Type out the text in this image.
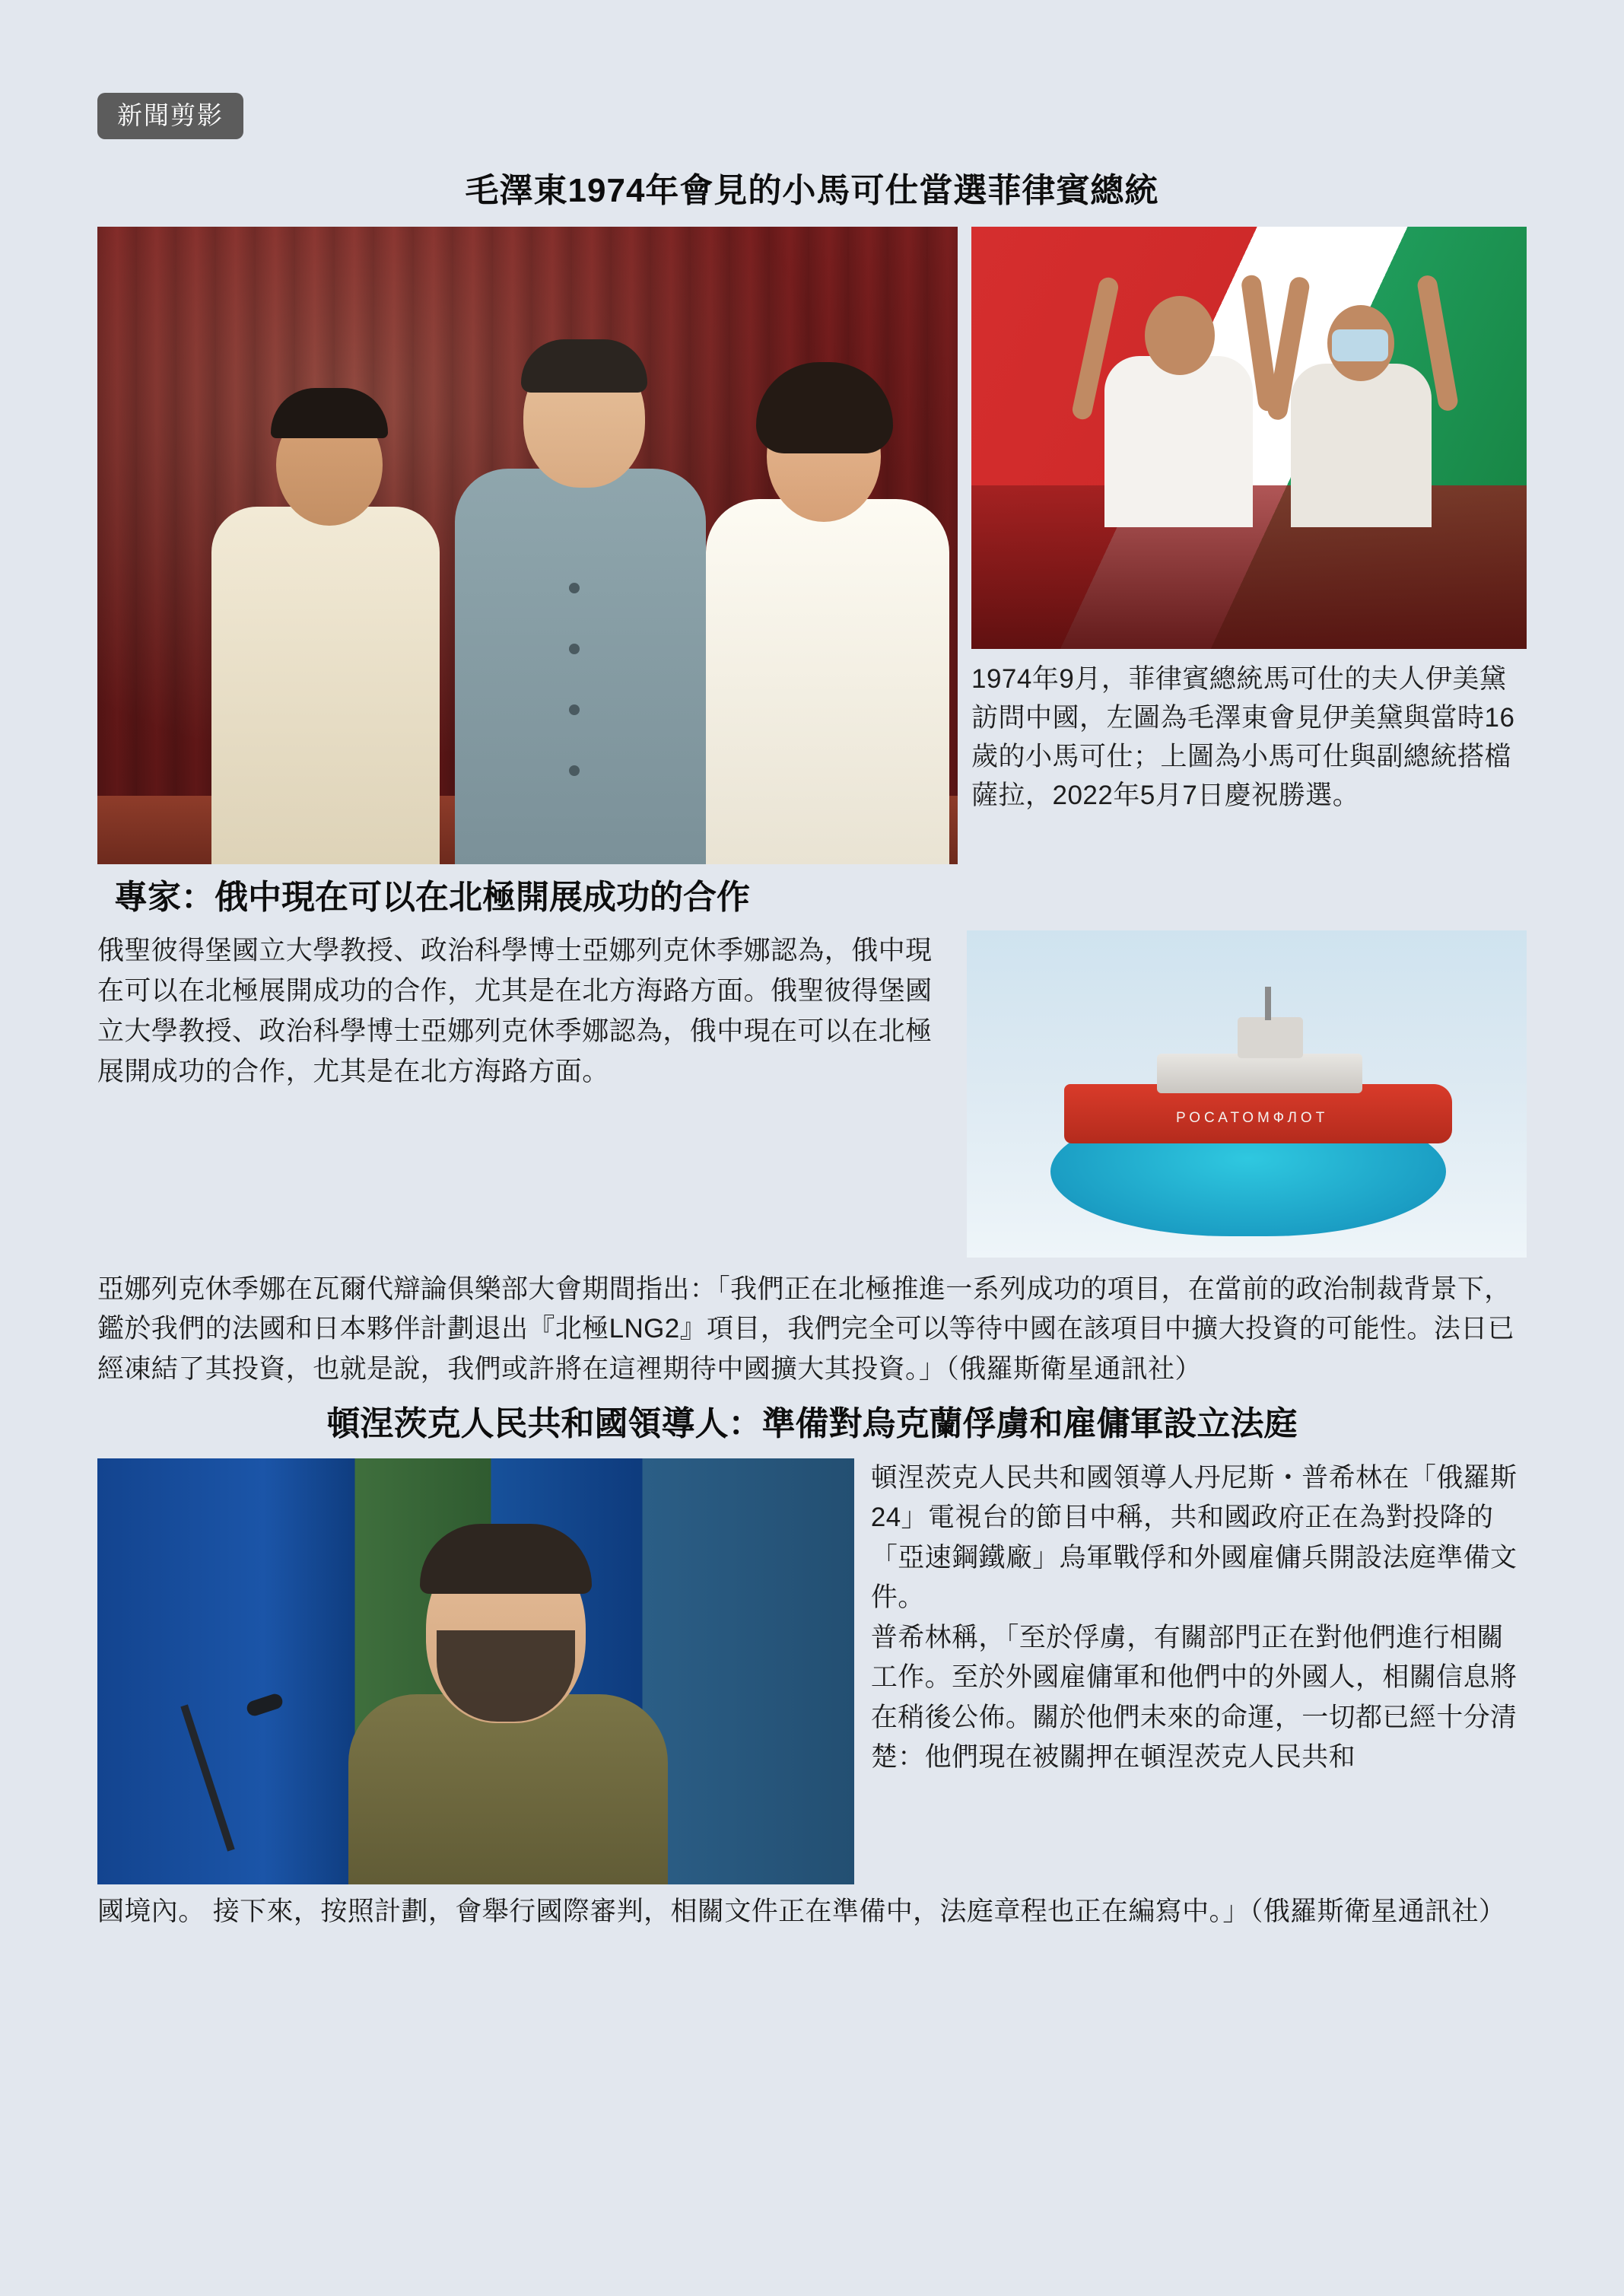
新聞剪影
毛澤東1974年會見的小馬可仕當選菲律賓總統

1974年9月，菲律賓總統馬可仕的夫人伊美黛訪問中國，左圖為毛澤東會見伊美黛與當時16歲的小馬可仕；上圖為小馬可仕與副總統搭檔薩拉，2022年5月7日慶祝勝選。

專家：俄中現在可以在北極開展成功的合作

俄聖彼得堡國立大學教授、政治科學博士亞娜列克休季娜認為，俄中現在可以在北極展開成功的合作，尤其是在北方海路方面。俄聖彼得堡國立大學教授、政治科學博士亞娜列克休季娜認為，俄中現在可以在北極展開成功的合作，尤其是在北方海路方面。

РОСАТОМФЛОТ

亞娜列克休季娜在瓦爾代辯論俱樂部大會期間指出：「我們正在北極推進一系列成功的項目，在當前的政治制裁背景下，鑑於我們的法國和日本夥伴計劃退出『北極LNG2』項目，我們完全可以等待中國在該項目中擴大投資的可能性。法日已經凍結了其投資，也就是說，我們或許將在這裡期待中國擴大其投資。」（俄羅斯衛星通訊社）

頓涅茨克人民共和國領導人：準備對烏克蘭俘虜和雇傭軍設立法庭

頓涅茨克人民共和國領導人丹尼斯・普希林在「俄羅斯24」電視台的節目中稱，共和國政府正在為對投降的「亞速鋼鐵廠」烏軍戰俘和外國雇傭兵開設法庭準備文件。

普希林稱，「至於俘虜，有關部門正在對他們進行相關工作。至於外國雇傭軍和他們中的外國人，相關信息將在稍後公佈。關於他們未來的命運，一切都已經十分清楚：他們現在被關押在頓涅茨克人民共和

國境內。 接下來，按照計劃，會舉行國際審判，相關文件正在準備中，法庭章程也正在編寫中。」（俄羅斯衛星通訊社）
